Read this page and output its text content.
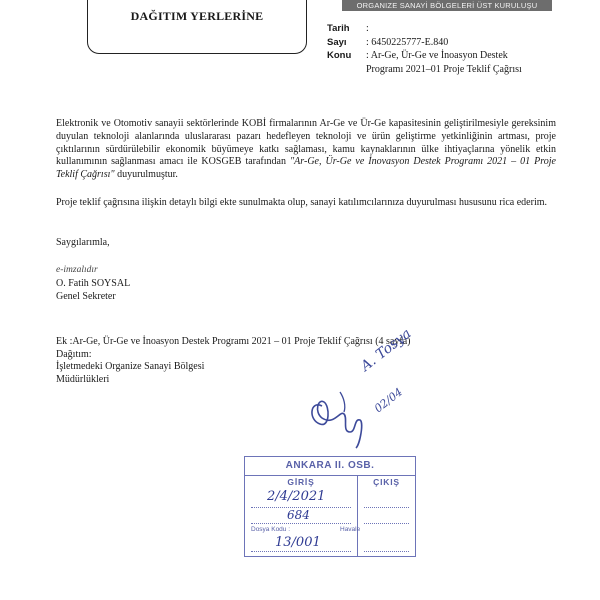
DAĞITIM YERLERİNE
ORGANIZE SANAYİ BÖLGELERİ ÜST KURULUŞU
Tarih	:
Sayı	: 6450225777-E.840
Konu	: Ar-Ge, Ür-Ge ve İnoasyon Destek
Programı 2021–01 Proje Teklif Çağrısı
Elektronik ve Otomotiv sanayii sektörlerinde KOBİ firmalarının Ar-Ge ve Ür-Ge kapasitesinin geliştirilmesiyle gereksinim duyulan teknoloji alanlarında uluslararası pazarı hedefleyen teknoloji ve ürün geliştirme yetkinliğinin artması, proje çıktılarının sürdürülebilir ekonomik büyümeye katkı sağlaması, kamu kaynaklarının ülke ihtiyaçlarına yönelik etkin kullanımının sağlanması amacı ile KOSGEB tarafından "Ar-Ge, Ür-Ge ve İnovasyon Destek Programı 2021 – 01 Proje Teklif Çağrısı" duyurulmuştur.
Proje teklif çağrısına ilişkin detaylı bilgi ekte sunulmakta olup, sanayi katılımcılarınıza duyurulması hususunu rica ederim.
Saygılarımla,
e-imzalıdır
O. Fatih SOYSAL
Genel Sekreter
Ek :Ar-Ge, Ür-Ge ve İnoasyon Destek Programı 2021 – 01 Proje Teklif Çağrısı (4 sayfa)
Dağıtım:
İşletmedeki Organize Sanayi Bölgesi
Müdürlükleri
A. Tosya
02/04
ANKARA II. OSB.
GİRİŞ
2/4/2021
684
Dosya Kodu :
13/001
ÇIKIŞ
Havale
